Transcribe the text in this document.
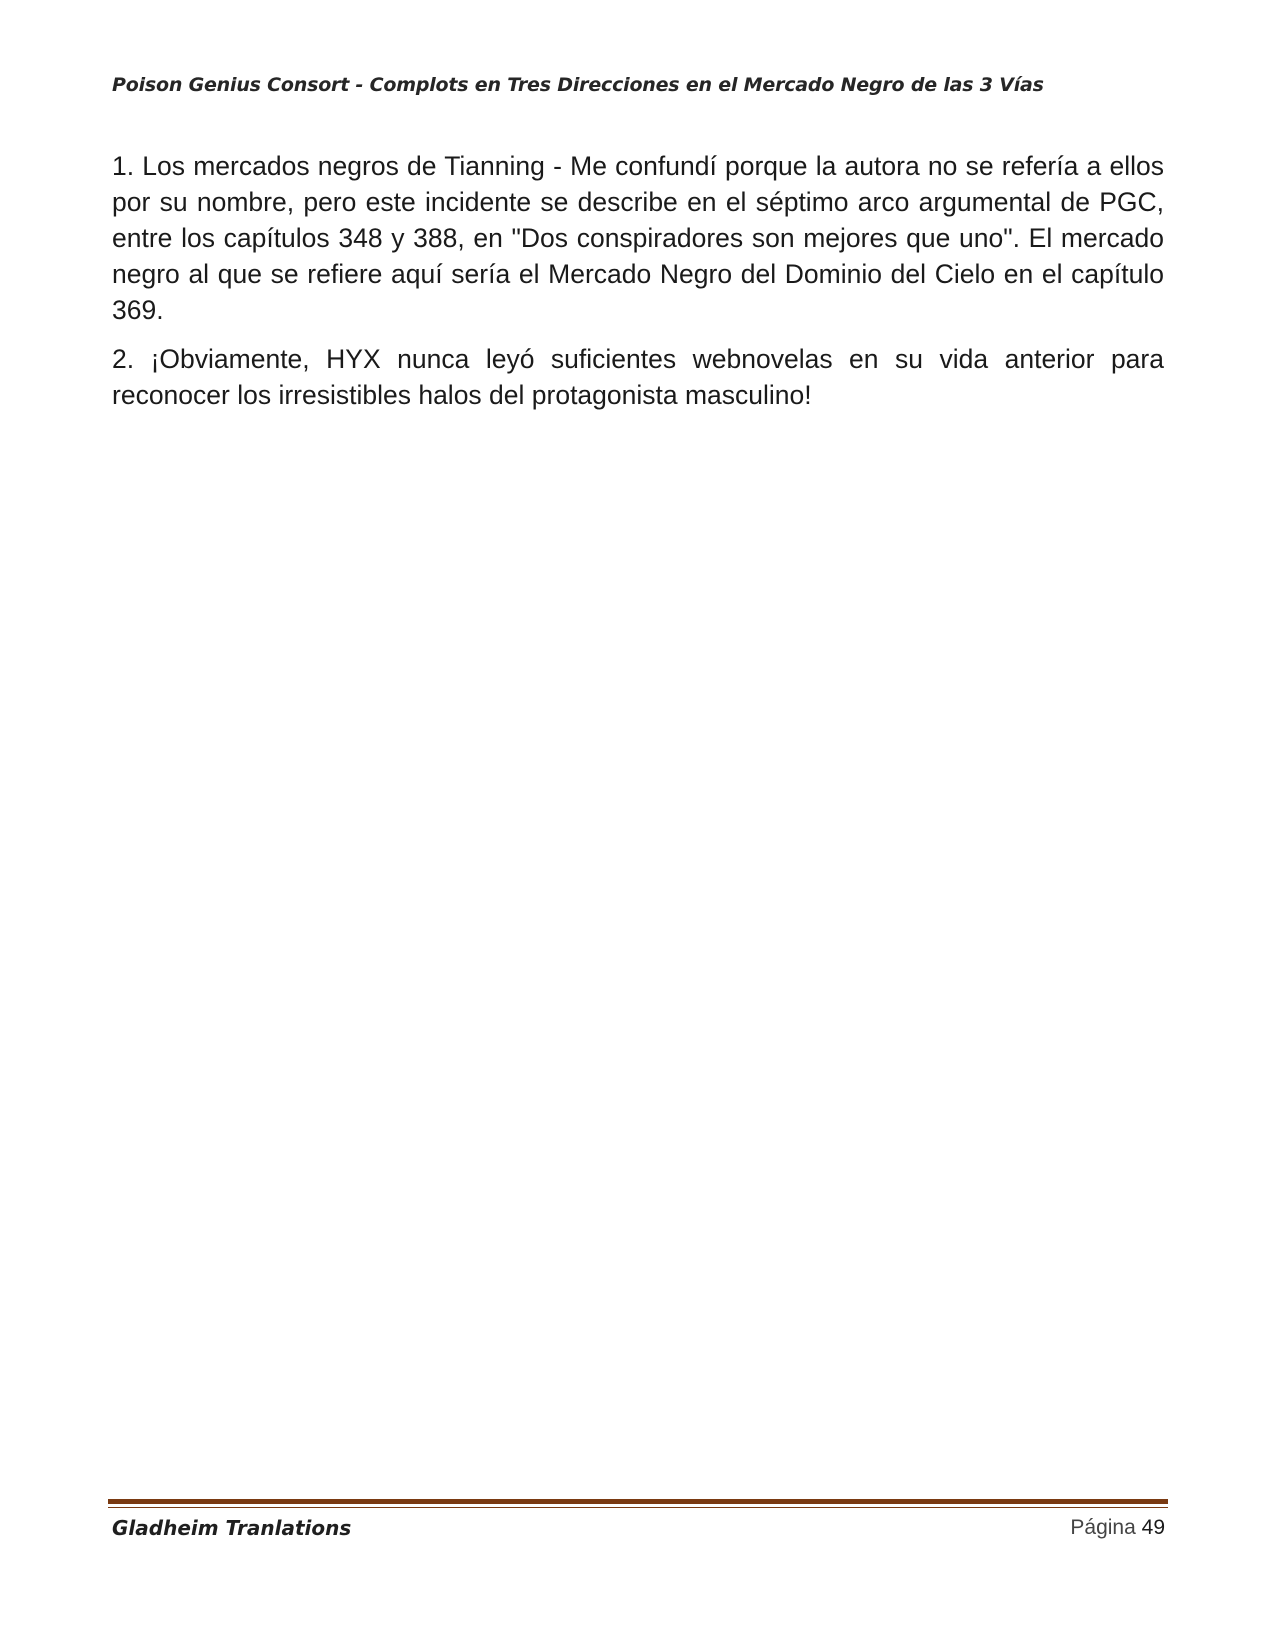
Poison Genius Consort - Complots en Tres Direcciones en el Mercado Negro de las 3 Vías

1. Los mercados negros de Tianning - Me confundí porque la autora no se refería a ellos por su nombre, pero este incidente se describe en el séptimo arco argumental de PGC, entre los capítulos 348 y 388, en "Dos conspiradores son mejores que uno". El mercado negro al que se refiere aquí sería el Mercado Negro del Dominio del Cielo en el capítulo 369.

2. ¡Obviamente, HYX nunca leyó suficientes webnovelas en su vida anterior para reconocer los irresistibles halos del protagonista masculino!

Gladheim Tranlations	Página 49
